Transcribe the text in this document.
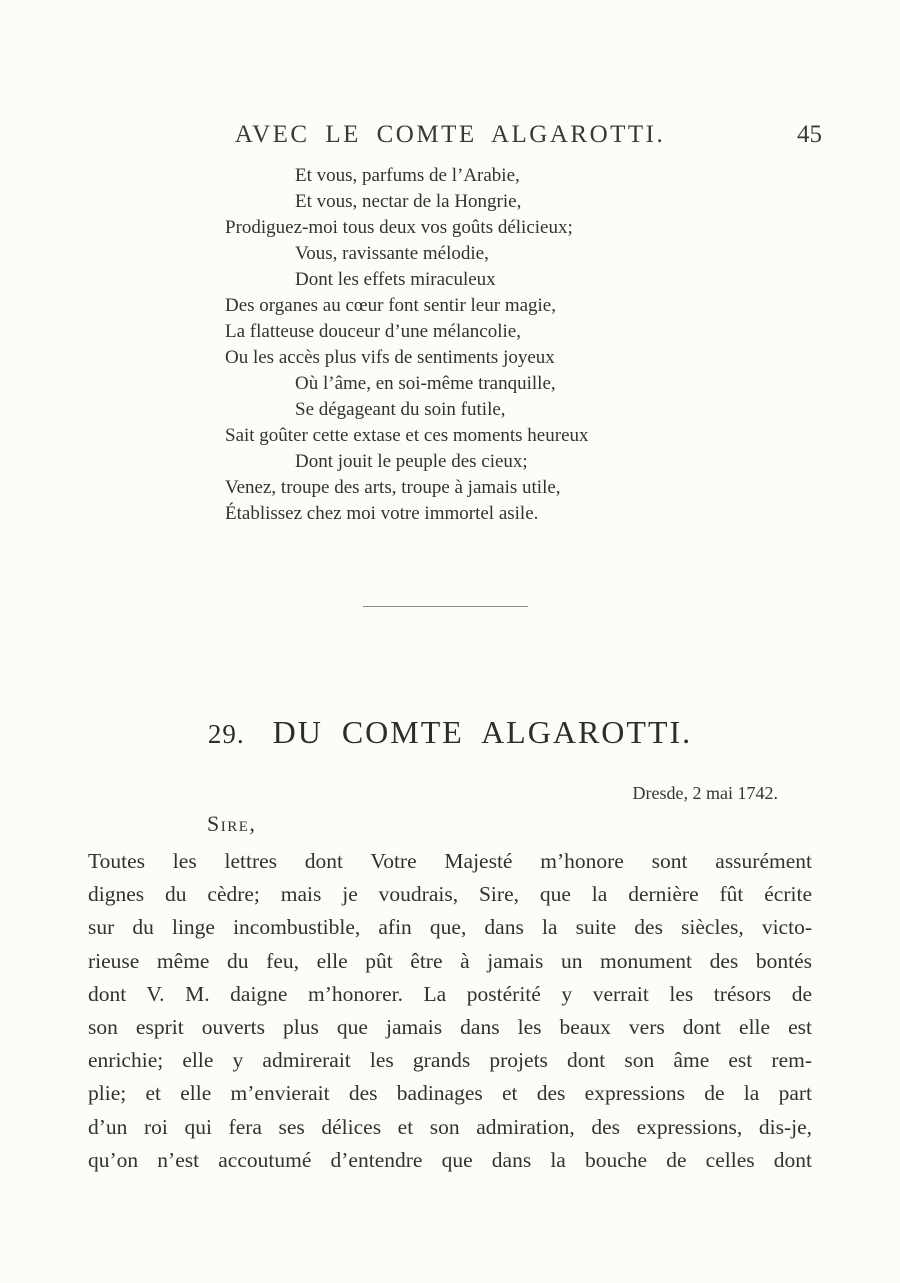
AVEC LE COMTE ALGAROTTI.	45
Et vous, parfums de l’Arabie,
Et vous, nectar de la Hongrie,
Prodiguez-moi tous deux vos goûts délicieux;
Vous, ravissante mélodie,
Dont les effets miraculeux
Des organes au cœur font sentir leur magie,
La flatteuse douceur d’une mélancolie,
Ou les accès plus vifs de sentiments joyeux
Où l’âme, en soi-même tranquille,
Se dégageant du soin futile,
Sait goûter cette extase et ces moments heureux
Dont jouit le peuple des cieux;
Venez, troupe des arts, troupe à jamais utile,
Établissez chez moi votre immortel asile.
29. DU COMTE ALGAROTTI.
Dresde, 2 mai 1742.
Sire,
Toutes les lettres dont Votre Majesté m’honore sont assurément
dignes du cèdre; mais je voudrais, Sire, que la dernière fût écrite
sur du linge incombustible, afin que, dans la suite des siècles, victo-
rieuse même du feu, elle pût être à jamais un monument des bontés
dont V. M. daigne m’honorer. La postérité y verrait les trésors de
son esprit ouverts plus que jamais dans les beaux vers dont elle est
enrichie; elle y admirerait les grands projets dont son âme est rem-
plie; et elle m’envierait des badinages et des expressions de la part
d’un roi qui fera ses délices et son admiration, des expressions, dis-je,
qu’on n’est accoutumé d’entendre que dans la bouche de celles dont
